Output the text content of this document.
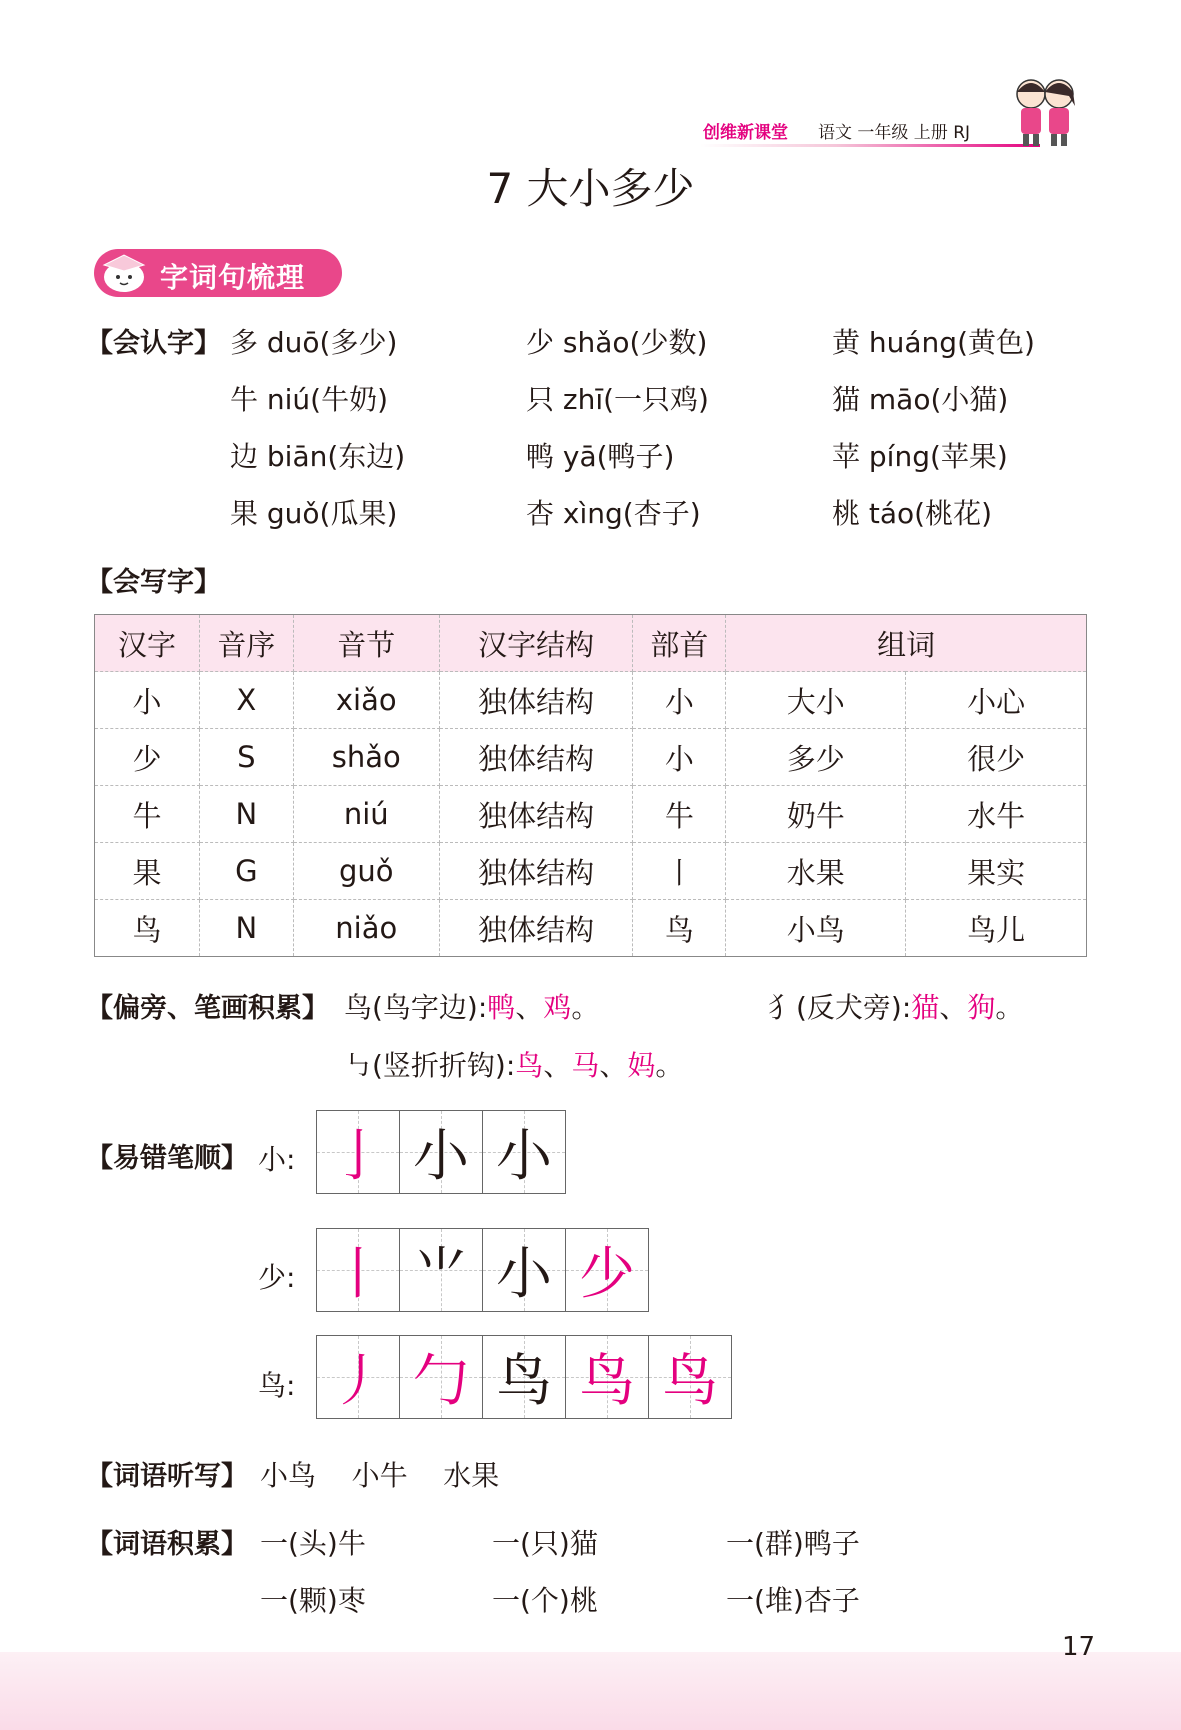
创维新课堂 语文 一年级 上册 RJ
7 大小多少
字词句梳理
【会认字】 多 duō(多少)	少 shǎo(少数)	黄 huáng(黄色)
牛 niú(牛奶)	只 zhī(一只鸡)	猫 māo(小猫)
边 biān(东边)	鸭 yā(鸭子)	苹 píng(苹果)
果 guǒ(瓜果)	杏 xìng(杏子)	桃 táo(桃花)
【会写字】
汉字	音序	音节	汉字结构	部首	组词	
小	X	xiǎo	独体结构	小	大小	小心
少	S	shǎo	独体结构	小	多少	很少
牛	N	niú	独体结构	牛	奶牛	水牛
果	G	guǒ	独体结构	丨	水果	果实
鸟	N	niǎo	独体结构	鸟	小鸟	鸟儿
【偏旁、笔画积累】 鸟(鸟字边):鸭、鸡。	犭(反犬旁):猫、狗。
㇉(竖折折钩):鸟、马、妈。
【易错笔顺】 小: 亅 小 小
少: 丨 ⺌ 小 少
鸟: 丿 勹 鸟 鸟 鸟
【词语听写】 小鸟    小牛    水果
【词语积累】 一(头)牛	一(只)猫	一(群)鸭子
一(颗)枣	一(个)桃	一(堆)杏子
17
